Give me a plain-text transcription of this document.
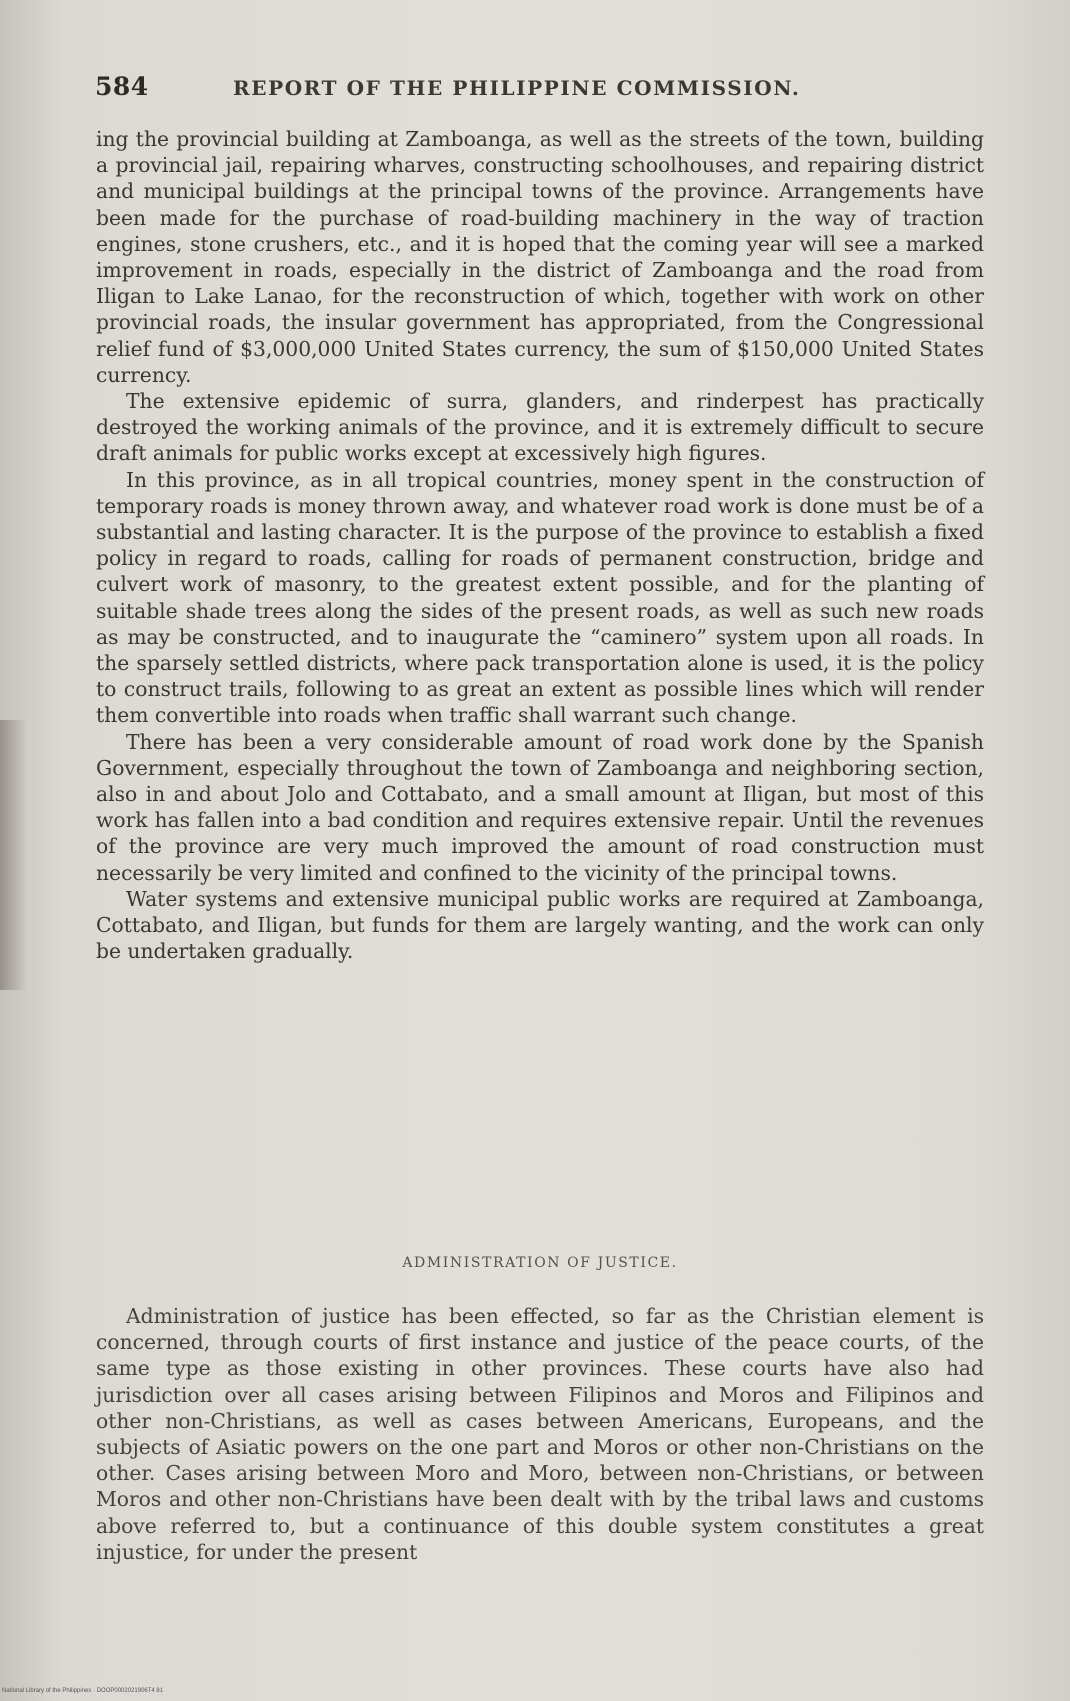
584	REPORT OF THE PHILIPPINE COMMISSION.

ing the provincial building at Zamboanga, as well as the streets of the town, building a provincial jail, repairing wharves, constructing schoolhouses, and repairing district and municipal buildings at the principal towns of the province. Arrangements have been made for the purchase of road-building machinery in the way of traction engines, stone crushers, etc., and it is hoped that the coming year will see a marked improvement in roads, especially in the district of Zamboanga and the road from Iligan to Lake Lanao, for the reconstruction of which, together with work on other provincial roads, the insular government has appropriated, from the Congressional relief fund of $3,000,000 United States currency, the sum of $150,000 United States currency.

The extensive epidemic of surra, glanders, and rinderpest has practically destroyed the working animals of the province, and it is extremely difficult to secure draft animals for public works except at excessively high figures.

In this province, as in all tropical countries, money spent in the construction of temporary roads is money thrown away, and whatever road work is done must be of a substantial and lasting character. It is the purpose of the province to establish a fixed policy in regard to roads, calling for roads of permanent construction, bridge and culvert work of masonry, to the greatest extent possible, and for the planting of suitable shade trees along the sides of the present roads, as well as such new roads as may be constructed, and to inaugurate the “caminero” system upon all roads. In the sparsely settled districts, where pack transportation alone is used, it is the policy to construct trails, following to as great an extent as possible lines which will render them convertible into roads when traffic shall warrant such change.

There has been a very considerable amount of road work done by the Spanish Government, especially throughout the town of Zamboanga and neighboring section, also in and about Jolo and Cottabato, and a small amount at Iligan, but most of this work has fallen into a bad condition and requires extensive repair. Until the revenues of the province are very much improved the amount of road construction must necessarily be very limited and confined to the vicinity of the principal towns.

Water systems and extensive municipal public works are required at Zamboanga, Cottabato, and Iligan, but funds for them are largely wanting, and the work can only be undertaken gradually.

ADMINISTRATION OF JUSTICE.

Administration of justice has been effected, so far as the Christian element is concerned, through courts of first instance and justice of the peace courts, of the same type as those existing in other provinces. These courts have also had jurisdiction over all cases arising between Filipinos and Moros and Filipinos and other non-Christians, as well as cases between Americans, Europeans, and the subjects of Asiatic powers on the one part and Moros or other non-Christians on the other. Cases arising between Moro and Moro, between non-Christians, or between Moros and other non-Christians have been dealt with by the tribal laws and customs above referred to, but a continuance of this double system constitutes a great injustice, for under the present

National Library of the Philippines · DOOP0002021906T4 81
